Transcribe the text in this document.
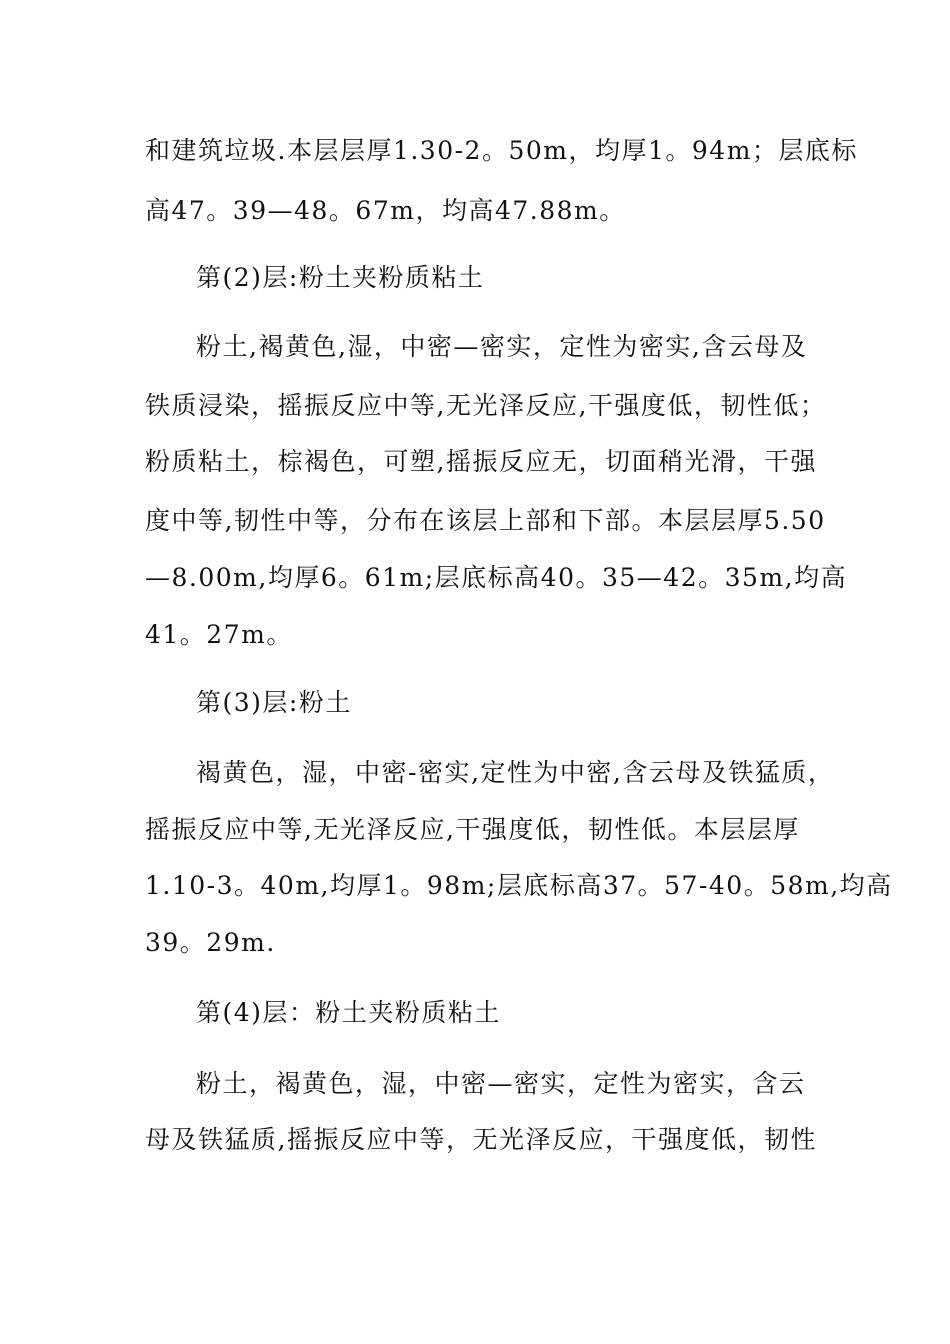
和建筑垃圾.本层层厚1.30-2。50m，均厚1。94m；层底标
高47。39—48。67m，均高47.88m。
第(2)层:粉土夹粉质粘土
粉土,褐黄色,湿，中密—密实，定性为密实,含云母及
铁质浸染，摇振反应中等,无光泽反应,干强度低，韧性低；
粉质粘土，棕褐色，可塑,摇振反应无，切面稍光滑，干强
度中等,韧性中等，分布在该层上部和下部。本层层厚5.50
—8.00m,均厚6。61m;层底标高40。35—42。35m,均高
41。27m。
第(3)层:粉土
褐黄色，湿，中密-密实,定性为中密,含云母及铁猛质，
摇振反应中等,无光泽反应,干强度低，韧性低。本层层厚
1.10-3。40m,均厚1。98m;层底标高37。57-40。58m,均高
39。29m.
第(4)层：粉土夹粉质粘土
粉土，褐黄色，湿，中密—密实，定性为密实，含云
母及铁猛质,摇振反应中等，无光泽反应，干强度低，韧性
